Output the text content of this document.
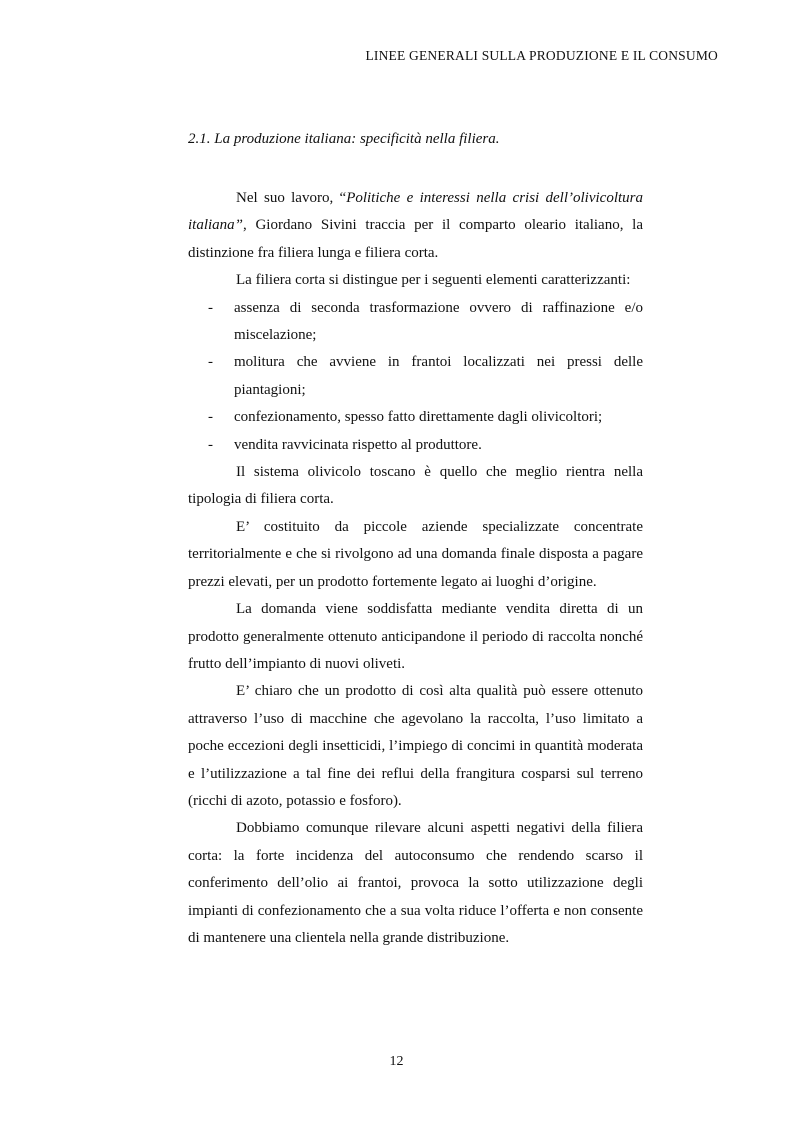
LINEE GENERALI SULLA PRODUZIONE E IL CONSUMO
2.1. La produzione italiana: specificità nella filiera.

Nel suo lavoro, “Politiche e interessi nella crisi dell’olivicoltura italiana”, Giordano Sivini traccia per il comparto oleario italiano, la distinzione fra filiera lunga e filiera corta.

La filiera corta si distingue per i seguenti elementi caratterizzanti:

- assenza di seconda trasformazione ovvero di raffinazione e/o miscelazione;
- molitura che avviene in frantoi localizzati nei pressi delle piantagioni;
- confezionamento, spesso fatto direttamente dagli olivicoltori;
- vendita ravvicinata rispetto al produttore.

Il sistema olivicolo toscano è quello che meglio rientra nella tipologia di filiera corta.

E’ costituito da piccole aziende specializzate concentrate territorialmente e che si rivolgono ad una domanda finale disposta a pagare prezzi elevati, per un prodotto fortemente legato ai luoghi d’origine.

La domanda viene soddisfatta mediante vendita diretta di un prodotto generalmente ottenuto anticipandone il periodo di raccolta nonché frutto dell’impianto di nuovi oliveti.

E’ chiaro che un prodotto di così alta qualità può essere ottenuto attraverso l’uso di macchine che agevolano la raccolta, l’uso limitato a poche eccezioni degli insetticidi, l’impiego di concimi in quantità moderata e l’utilizzazione a tal fine dei reflui della frangitura cosparsi sul terreno (ricchi di azoto, potassio e fosforo).

Dobbiamo comunque rilevare alcuni aspetti negativi della filiera corta: la forte incidenza del autoconsumo che rendendo scarso il conferimento dell’olio ai frantoi, provoca la sotto utilizzazione degli impianti di confezionamento che a sua volta riduce l’offerta e non consente di mantenere una clientela nella grande distribuzione.

12
